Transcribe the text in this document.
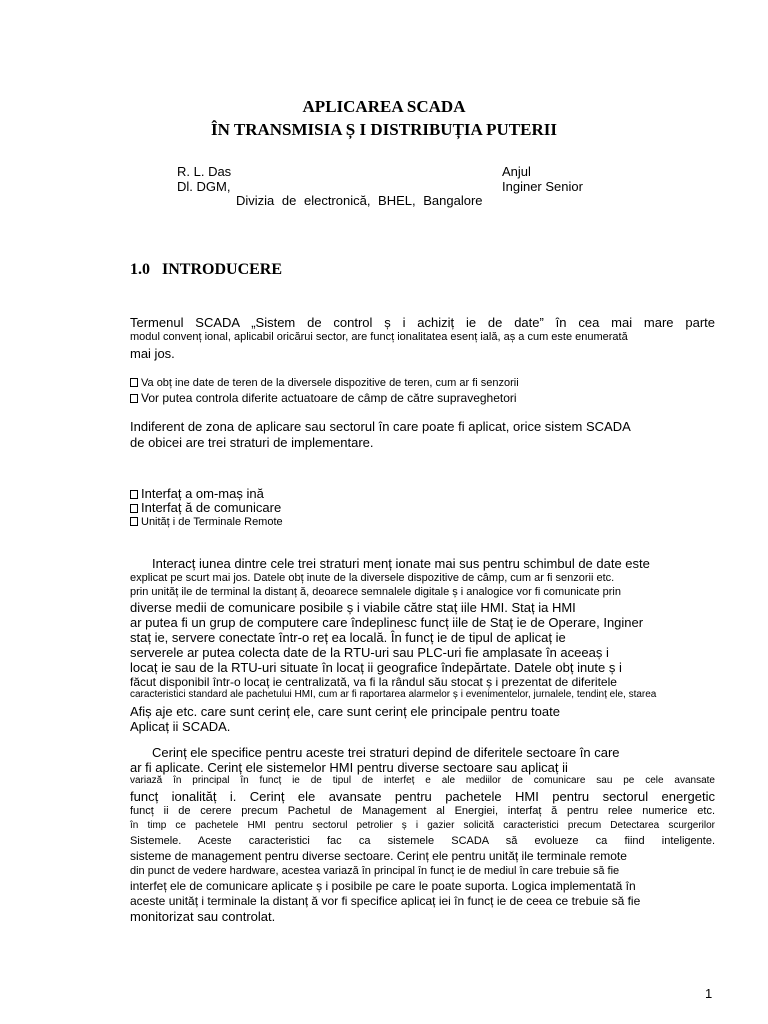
APLICAREA SCADA
ÎN TRANSMISIA Ș I DISTRIBUȚIA PUTERII
R. L. Das
Dl. DGM,
Anjul
Inginer Senior
Divizia de electronică, BHEL, Bangalore
1.0 INTRODUCERE
Termenul SCADA „Sistem de control ș i achiziț ie de date” în cea mai mare parte
modul convenț ional, aplicabil oricărui sector, are funcț ionalitatea esenț ială, aș a cum este enumerată
mai jos.
Va obț ine date de teren de la diversele dispozitive de teren, cum ar fi senzorii
Vor putea controla diferite actuatoare de câmp de către supraveghetori
Indiferent de zona de aplicare sau sectorul în care poate fi aplicat, orice sistem SCADA
de obicei are trei straturi de implementare.
Interfaț a om-maș ină
Interfaț ă de comunicare
Unităț i de Terminale Remote
Interacț iunea dintre cele trei straturi menț ionate mai sus pentru schimbul de date este
explicat pe scurt mai jos. Datele obț inute de la diversele dispozitive de câmp, cum ar fi senzorii etc.
prin unităț ile de terminal la distanț ă, deoarece semnalele digitale ș i analogice vor fi comunicate prin
diverse medii de comunicare posibile ș i viabile către staț iile HMI. Staț ia HMI
ar putea fi un grup de computere care îndeplinesc funcț iile de Staț ie de Operare, Inginer
staț ie, servere conectate într-o reț ea locală. În funcț ie de tipul de aplicaț ie
serverele ar putea colecta date de la RTU-uri sau PLC-uri fie amplasate în aceeaș i
locaț ie sau de la RTU-uri situate în locaț ii geografice îndepărtate. Datele obț inute ș i
făcut disponibil într-o locaț ie centralizată, va fi la rândul său stocat ș i prezentat de diferitele
caracteristici standard ale pachetului HMI, cum ar fi raportarea alarmelor ș i evenimentelor, jurnalele, tendinț ele, starea
Afiș aje etc. care sunt cerinț ele, care sunt cerinț ele principale pentru toate
Aplicaț ii SCADA.
Cerinț ele specifice pentru aceste trei straturi depind de diferitele sectoare în care
ar fi aplicate. Cerinț ele sistemelor HMI pentru diverse sectoare sau aplicaț ii
variază în principal în funcț ie de tipul de interfeț e ale mediilor de comunicare sau pe cele avansate
funcț ionalităț i. Cerinț ele avansate pentru pachetele HMI pentru sectorul energetic
funcț ii de cerere precum Pachetul de Management al Energiei, interfaț ă pentru relee numerice etc.
în timp ce pachetele HMI pentru sectorul petrolier ș i gazier solicită caracteristici precum Detectarea scurgerilor
Sistemele. Aceste caracteristici fac ca sistemele SCADA să evolueze ca fiind inteligente.
sisteme de management pentru diverse sectoare. Cerinț ele pentru unităț ile terminale remote
din punct de vedere hardware, acestea variază în principal în funcț ie de mediul în care trebuie să fie
interfeț ele de comunicare aplicate ș i posibile pe care le poate suporta. Logica implementată în
aceste unităț i terminale la distanț ă vor fi specifice aplicaț iei în funcț ie de ceea ce trebuie să fie
monitorizat sau controlat.
1
